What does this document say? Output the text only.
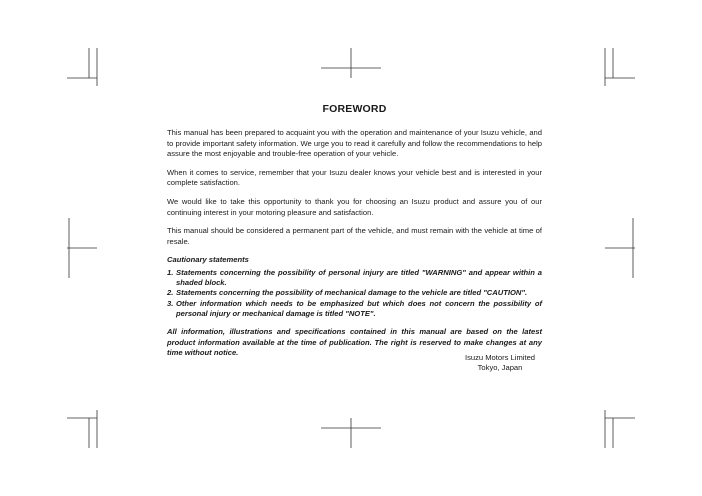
FOREWORD

This manual has been prepared to acquaint you with the operation and maintenance of your Isuzu vehicle, and to provide important safety information. We urge you to read it carefully and follow the recommendations to help assure the most enjoyable and trouble-free operation of your vehicle.

When it comes to service, remember that your Isuzu dealer knows your vehicle best and is interested in your complete satisfaction.

We would like to take this opportunity to thank you for choosing an Isuzu product and assure you of our continuing interest in your motoring pleasure and satisfaction.

This manual should be considered a permanent part of the vehicle, and must remain with the vehicle at time of resale.

Cautionary statements
1. Statements concerning the possibility of personal injury are titled "WARNING" and appear within a shaded block.
2. Statements concerning the possibility of mechanical damage to the vehicle are titled "CAUTION".
3. Other information which needs to be emphasized but which does not concern the possibility of personal injury or mechanical damage is titled "NOTE".

All information, illustrations and specifications contained in this manual are based on the latest product information available at the time of publication. The right is reserved to make changes at any time without notice.

Isuzu Motors Limited
Tokyo, Japan
